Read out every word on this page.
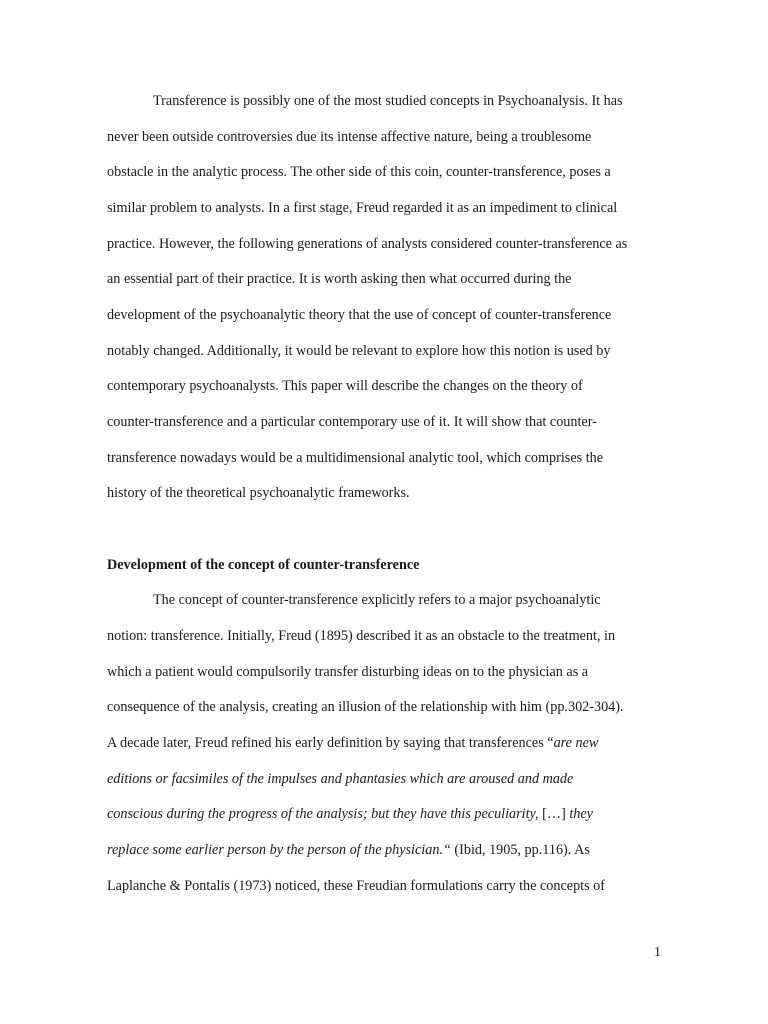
Transference is possibly one of the most studied concepts in Psychoanalysis. It has
never been outside controversies due its intense affective nature, being a troublesome
obstacle in the analytic process. The other side of this coin, counter-transference, poses a
similar problem to analysts. In a first stage, Freud regarded it as an impediment to clinical
practice. However, the following generations of analysts considered counter-transference as
an essential part of their practice. It is worth asking then what occurred during the
development of the psychoanalytic theory that the use of concept of counter-transference
notably changed. Additionally, it would be relevant to explore how this notion is used by
contemporary psychoanalysts. This paper will describe the changes on the theory of
counter-transference and a particular contemporary use of it. It will show that counter-
transference nowadays would be a multidimensional analytic tool, which comprises the
history of the theoretical psychoanalytic frameworks.
Development of the concept of counter-transference
The concept of counter-transference explicitly refers to a major psychoanalytic
notion: transference. Initially, Freud (1895) described it as an obstacle to the treatment, in
which a patient would compulsorily transfer disturbing ideas on to the physician as a
consequence of the analysis, creating an illusion of the relationship with him (pp.302-304).
A decade later, Freud refined his early definition by saying that transferences “are new
editions or facsimiles of the impulses and phantasies which are aroused and made
conscious during the progress of the analysis; but they have this peculiarity, […] they
replace some earlier person by the person of the physician.“ (Ibid, 1905, pp.116). As
Laplanche & Pontalis (1973) noticed, these Freudian formulations carry the concepts of
1
